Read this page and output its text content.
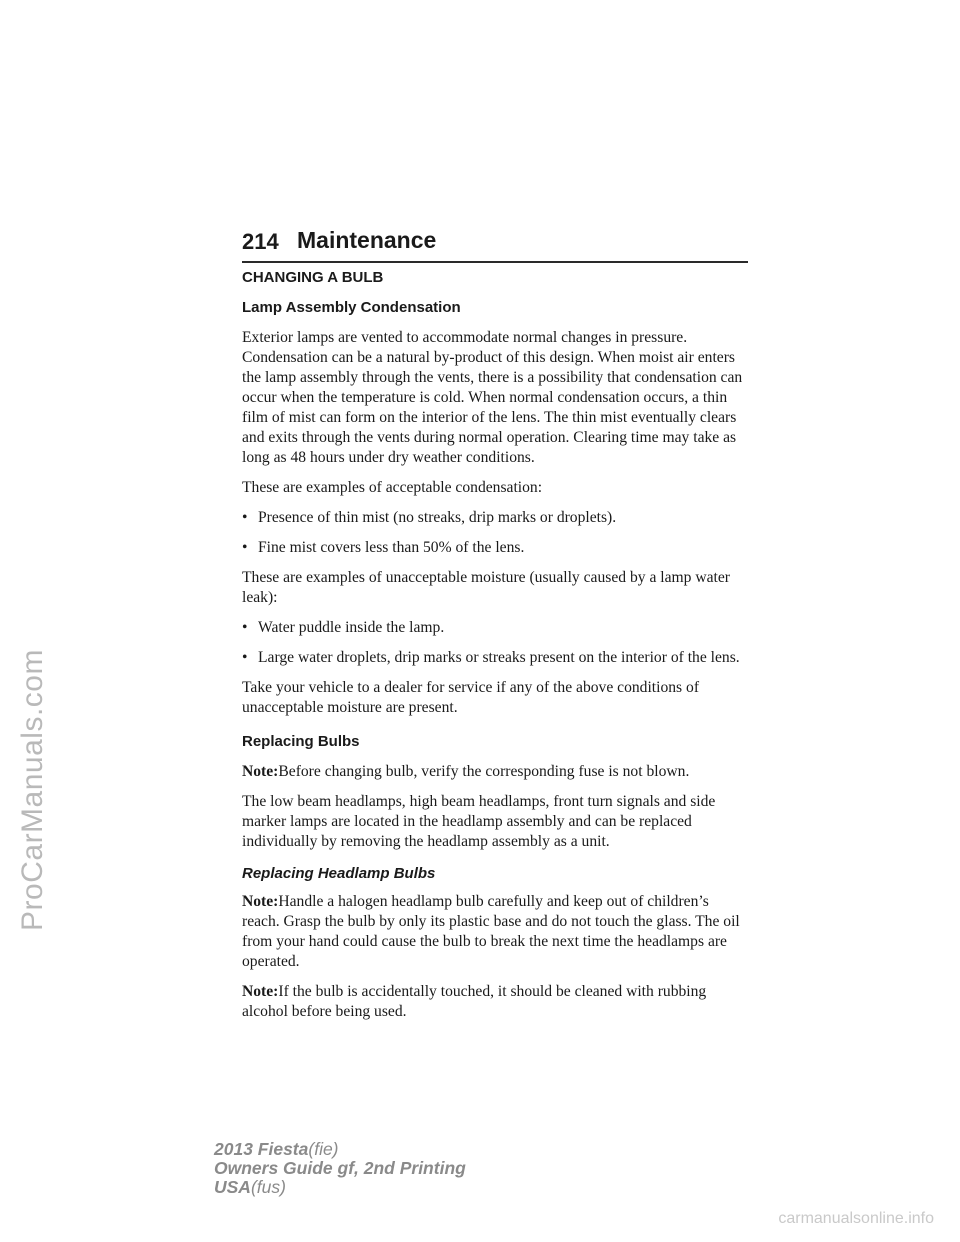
ProCarManuals.com
214 Maintenance
CHANGING A BULB
Lamp Assembly Condensation

Exterior lamps are vented to accommodate normal changes in pressure. Condensation can be a natural by-product of this design. When moist air enters the lamp assembly through the vents, there is a possibility that condensation can occur when the temperature is cold. When normal condensation occurs, a thin film of mist can form on the interior of the lens. The thin mist eventually clears and exits through the vents during normal operation. Clearing time may take as long as 48 hours under dry weather conditions.

These are examples of acceptable condensation:

• Presence of thin mist (no streaks, drip marks or droplets).
• Fine mist covers less than 50% of the lens.

These are examples of unacceptable moisture (usually caused by a lamp water leak):

• Water puddle inside the lamp.
• Large water droplets, drip marks or streaks present on the interior of the lens.

Take your vehicle to a dealer for service if any of the above conditions of unacceptable moisture are present.

Replacing Bulbs

Note:Before changing bulb, verify the corresponding fuse is not blown.

The low beam headlamps, high beam headlamps, front turn signals and side marker lamps are located in the headlamp assembly and can be replaced individually by removing the headlamp assembly as a unit.

Replacing Headlamp Bulbs

Note:Handle a halogen headlamp bulb carefully and keep out of children’s reach. Grasp the bulb by only its plastic base and do not touch the glass. The oil from your hand could cause the bulb to break the next time the headlamps are operated.

Note:If the bulb is accidentally touched, it should be cleaned with rubbing alcohol before being used.

2013 Fiesta(fie)
Owners Guide gf, 2nd Printing
USA(fus)
carmanualsonline.info
